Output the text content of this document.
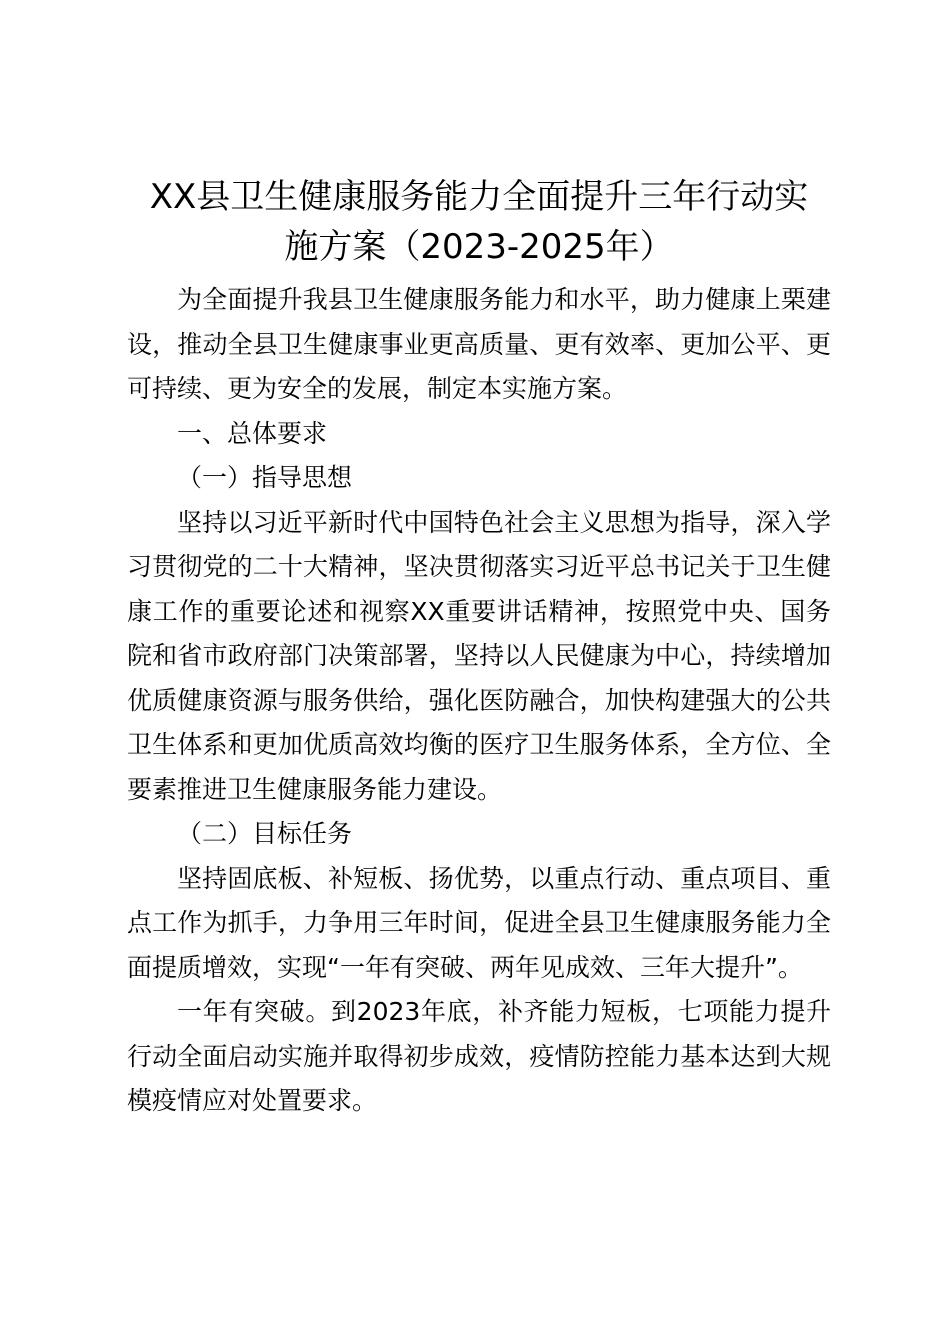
XX县卫生健康服务能力全面提升三年行动实
施方案（2023-2025年）

为全面提升我县卫生健康服务能力和水平，助力健康上栗建设，推动全县卫生健康事业更高质量、更有效率、更加公平、更可持续、更为安全的发展，制定本实施方案。

一、总体要求

（一）指导思想

坚持以习近平新时代中国特色社会主义思想为指导，深入学习贯彻党的二十大精神，坚决贯彻落实习近平总书记关于卫生健康工作的重要论述和视察XX重要讲话精神，按照党中央、国务院和省市政府部门决策部署，坚持以人民健康为中心，持续增加优质健康资源与服务供给，强化医防融合，加快构建强大的公共卫生体系和更加优质高效均衡的医疗卫生服务体系，全方位、全要素推进卫生健康服务能力建设。

（二）目标任务

坚持固底板、补短板、扬优势，以重点行动、重点项目、重点工作为抓手，力争用三年时间，促进全县卫生健康服务能力全面提质增效，实现“一年有突破、两年见成效、三年大提升”。

一年有突破。到2023年底，补齐能力短板，七项能力提升行动全面启动实施并取得初步成效，疫情防控能力基本达到大规模疫情应对处置要求。
